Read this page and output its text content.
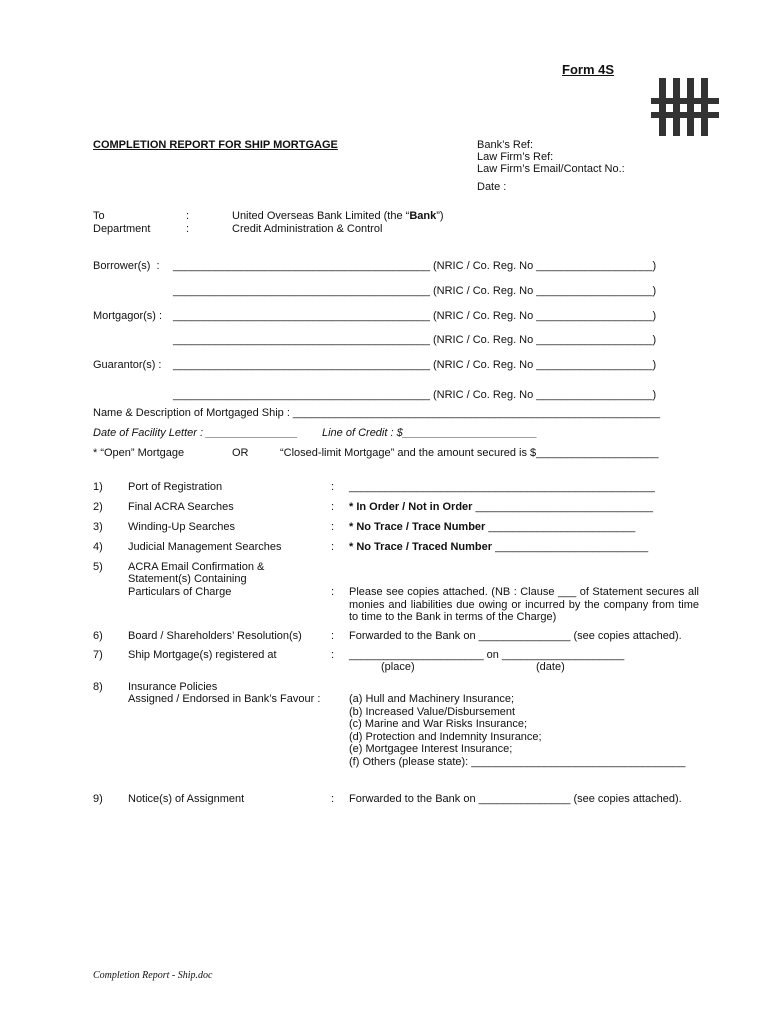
Form 4S
COMPLETION REPORT FOR SHIP MORTGAGE	Bank’s Ref:
Law Firm’s Ref:
Law Firm’s Email/Contact No.:
Date :
To	:	United Overseas Bank Limited (the “Bank”)
Department	:	Credit Administration & Control
Borrower(s)  : __________________________________________ (NRIC / Co. Reg. No ___________________)
__________________________________________ (NRIC / Co. Reg. No ___________________)
Mortgagor(s) : __________________________________________ (NRIC / Co. Reg. No ___________________)
__________________________________________ (NRIC / Co. Reg. No ___________________)
Guarantor(s) : __________________________________________ (NRIC / Co. Reg. No ___________________)
__________________________________________ (NRIC / Co. Reg. No ___________________)
Name & Description of Mortgaged Ship : ____________________________________________________________
Date of Facility Letter : _______________ Line of Credit : $______________________
* “Open” Mortgage	OR	“Closed-limit Mortgage” and the amount secured is $____________________
1) Port of Registration	: __________________________________________________
2) Final ACRA Searches	: * In Order / Not in Order _____________________________
3) Winding-Up Searches	: * No Trace / Trace Number ________________________
4) Judicial Management Searches	: * No Trace / Traced Number _________________________
5) ACRA Email Confirmation &
Statement(s) Containing
Particulars of Charge	: Please see copies attached. (NB : Clause ___ of Statement secures all monies and liabilities due owing or incurred by the company from time to time to the Bank in terms of the Charge)
6) Board / Shareholders’ Resolution(s)	: Forwarded to the Bank on _______________ (see copies attached).
7) Ship Mortgage(s) registered at	: ______________________ on ____________________
(place)	(date)
8) Insurance Policies
Assigned / Endorsed in Bank’s Favour :	(a) Hull and Machinery Insurance;
(b) Increased Value/Disbursement
(c) Marine and War Risks Insurance;
(d) Protection and Indemnity Insurance;
(e) Mortgagee Interest Insurance;
(f) Others (please state): ___________________________________
9) Notice(s) of Assignment	: Forwarded to the Bank on _______________ (see copies attached).
Completion Report - Ship.doc
